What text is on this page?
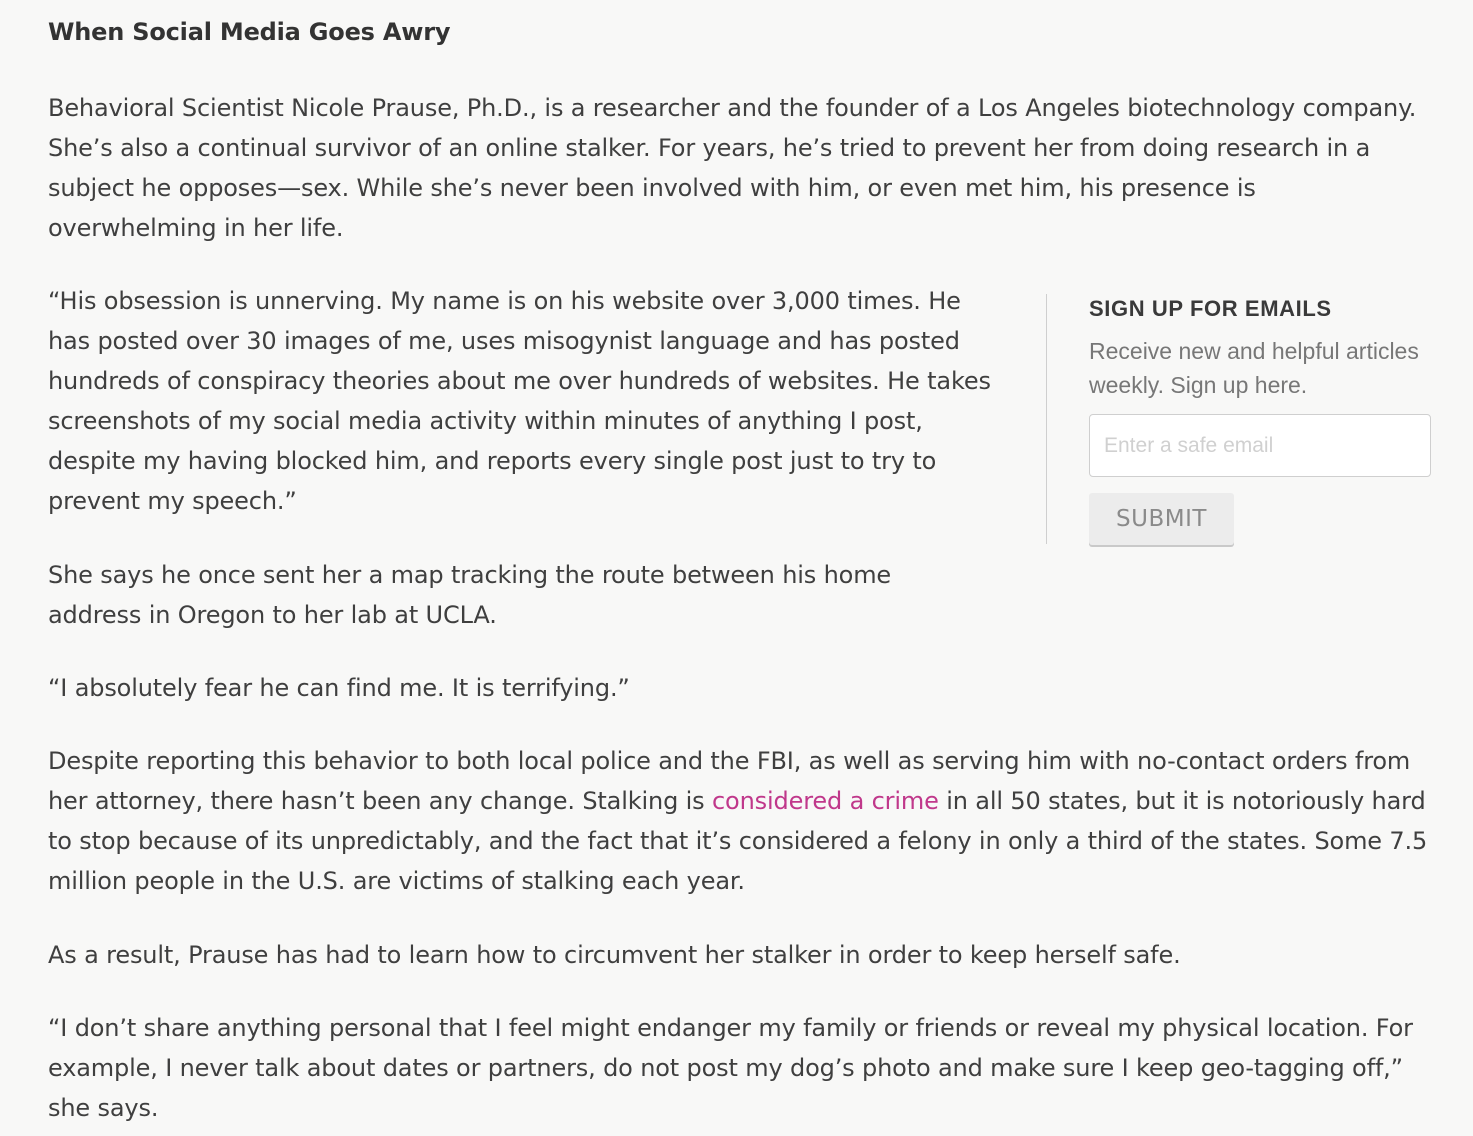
When Social Media Goes Awry

Behavioral Scientist Nicole Prause, Ph.D., is a researcher and the founder of a Los Angeles biotechnology company. She’s also a continual survivor of an online stalker. For years, he’s tried to prevent her from doing research in a subject he opposes—sex. While she’s never been involved with him, or even met him, his presence is overwhelming in her life.

“His obsession is unnerving. My name is on his website over 3,000 times. He has posted over 30 images of me, uses misogynist language and has posted hundreds of conspiracy theories about me over hundreds of websites. He takes screenshots of my social media activity within minutes of anything I post, despite my having blocked him, and reports every single post just to try to prevent my speech.”

She says he once sent her a map tracking the route between his home address in Oregon to her lab at UCLA.

“I absolutely fear he can find me. It is terrifying.”

Despite reporting this behavior to both local police and the FBI, as well as serving him with no-contact orders from her attorney, there hasn’t been any change. Stalking is considered a crime in all 50 states, but it is notoriously hard to stop because of its unpredictably, and the fact that it’s considered a felony in only a third of the states. Some 7.5 million people in the U.S. are victims of stalking each year.

As a result, Prause has had to learn how to circumvent her stalker in order to keep herself safe.

“I don’t share anything personal that I feel might endanger my family or friends or reveal my physical location. For example, I never talk about dates or partners, do not post my dog’s photo and make sure I keep geo-tagging off,” she says.

SIGN UP FOR EMAILS

Receive new and helpful articles weekly. Sign up here.

Enter a safe email
SUBMIT
